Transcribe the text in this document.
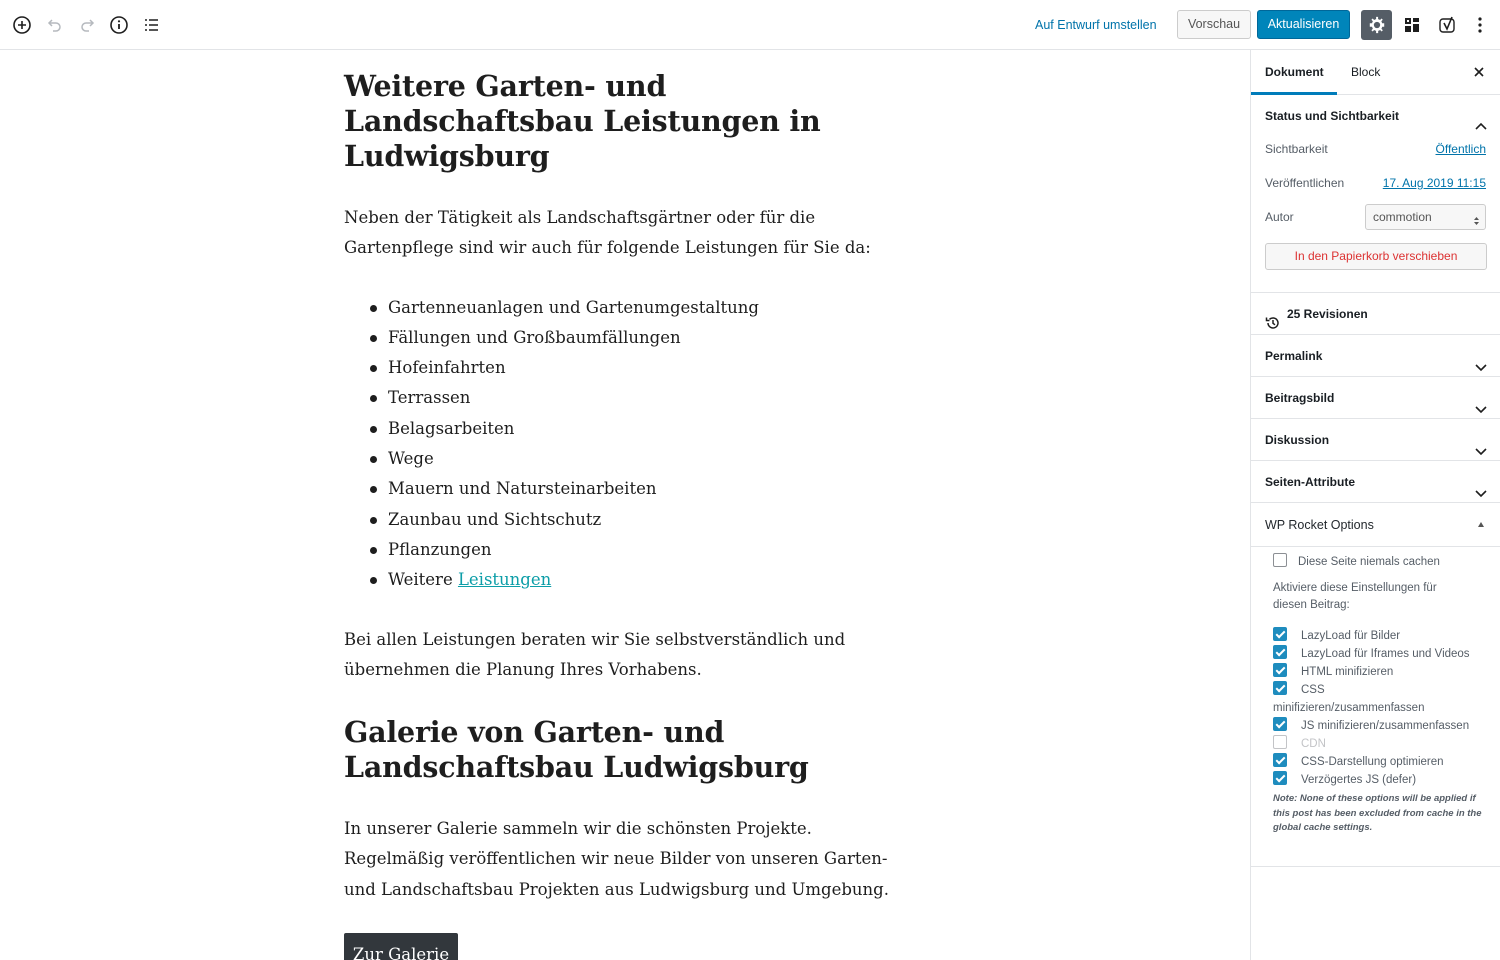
Auf Entwurf umstellen	Vorschau	Aktualisieren
Weitere Garten- und Landschaftsbau Leistungen in Ludwigsburg

Neben der Tätigkeit als Landschaftsgärtner oder für die Gartenpflege sind wir auch für folgende Leistungen für Sie da:

Gartenneuanlagen und Gartenumgestaltung
Fällungen und Großbaumfällungen
Hofeinfahrten
Terrassen
Belagsarbeiten
Wege
Mauern und Natursteinarbeiten
Zaunbau und Sichtschutz
Pflanzungen
Weitere Leistungen

Bei allen Leistungen beraten wir Sie selbstverständlich und übernehmen die Planung Ihres Vorhabens.

Galerie von Garten- und Landschaftsbau Ludwigsburg

In unserer Galerie sammeln wir die schönsten Projekte. Regelmäßig veröffentlichen wir neue Bilder von unseren Garten- und Landschaftsbau Projekten aus Ludwigsburg und Umgebung.

Zur Galerie
Dokument	Block
Status und Sichtbarkeit
Sichtbarkeit	Öffentlich
Veröffentlichen	17. Aug 2019 11:15
Autor	commotion
In den Papierkorb verschieben
25 Revisionen
Permalink
Beitragsbild
Diskussion
Seiten-Attribute
WP Rocket Options
Diese Seite niemals cachen
Aktiviere diese Einstellungen für diesen Beitrag:
LazyLoad für Bilder
LazyLoad für Iframes und Videos
HTML minifizieren
CSS
minifizieren/zusammenfassen
JS minifizieren/zusammenfassen
CDN
CSS-Darstellung optimieren
Verzögertes JS (defer)
Note: None of these options will be applied if this post has been excluded from cache in the global cache settings.
